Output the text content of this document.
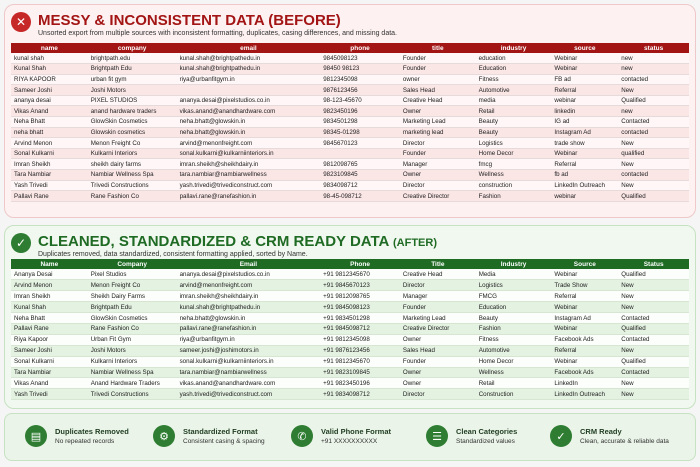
✕ MESSY & INCONSISTENT DATA (BEFORE)
Unsorted export from multiple sources with inconsistent formatting, duplicates, casing differences, and missing data.
name	company	email	phone	title	industry	source	status
kunal shah	brightpath.edu	kunal.shah@brightpathedu.in	9845098123	Founder	education	Webinar	new
Kunal Shah	Brightpath Edu	kunal.shah@brightpathedu.in	98450 98123	Founder	Education	Webinar	new
RIYA KAPOOR	urban fit gym	riya@urbanfitgym.in	9812345098	owner	Fitness	FB ad	contacted
Sameer Joshi	Joshi Motors		9876123456	Sales Head	Automotive	Referral	New
ananya desai	PIXEL STUDIOS	ananya.desai@pixelstudios.co.in	98-123-45670	Creative Head	media	webinar	Qualified
Vikas Anand	anand hardware traders	vikas.anand@anandhardware.com	9823450196	Owner	Retail	linkedin	new
Neha Bhatt	GlowSkin Cosmetics	neha.bhatt@glowskin.in	9834501298	Marketing Lead	Beauty	IG ad	Contacted
neha bhatt	Glowskin cosmetics	neha.bhatt@glowskin.in	98345-01298	marketing lead	Beauty	Instagram Ad	contacted
Arvind Menon	Menon Freight Co	arvind@menonfreight.com	9845670123	Director	Logistics	trade show	New
Sonal Kulkarni	Kulkarni Interiors	sonal.kulkarni@kulkarniinteriors.in		Founder	Home Decor	Webinar	qualified
Imran Sheikh	sheikh dairy farms	imran.sheikh@sheikhdairy.in	9812098765	Manager	fmcg	Referral	New
Tara Nambiar	Nambiar Wellness Spa	tara.nambiar@nambiarwellness	9823109845	Owner	Wellness	fb ad	contacted
Yash Trivedi	Trivedi Constructions	yash.trivedi@trivediconstruct.com	9834098712	Director	construction	LinkedIn Outreach	New
Pallavi Rane	Rane Fashion Co	pallavi.rane@ranefashion.in	98-45-098712	Creative Director	Fashion	webinar	Qualified
✓ CLEANED, STANDARDIZED & CRM READY DATA (AFTER)
Duplicates removed, data standardized, consistent formatting applied, sorted by Name.
Name	Company	Email	Phone	Title	Industry	Source	Status
Ananya Desai	Pixel Studios	ananya.desai@pixelstudios.co.in	+91 9812345670	Creative Head	Media	Webinar	Qualified
Arvind Menon	Menon Freight Co	arvind@menonfreight.com	+91 9845670123	Director	Logistics	Trade Show	New
Imran Sheikh	Sheikh Dairy Farms	imran.sheikh@sheikhdairy.in	+91 9812098765	Manager	FMCG	Referral	New
Kunal Shah	Brightpath Edu	kunal.shah@brightpathedu.in	+91 9845098123	Founder	Education	Webinar	New
Neha Bhatt	GlowSkin Cosmetics	neha.bhatt@glowskin.in	+91 9834501298	Marketing Lead	Beauty	Instagram Ad	Contacted
Pallavi Rane	Rane Fashion Co	pallavi.rane@ranefashion.in	+91 9845098712	Creative Director	Fashion	Webinar	Qualified
Riya Kapoor	Urban Fit Gym	riya@urbanfitgym.in	+91 9812345098	Owner	Fitness	Facebook Ads	Contacted
Sameer Joshi	Joshi Motors	sameer.joshi@joshimotors.in	+91 9876123456	Sales Head	Automotive	Referral	New
Sonal Kulkarni	Kulkarni Interiors	sonal.kulkarni@kulkarniinteriors.in	+91 9812345670	Founder	Home Decor	Webinar	Qualified
Tara Nambiar	Nambiar Wellness Spa	tara.nambiar@nambiarwellness	+91 9823109845	Owner	Wellness	Facebook Ads	Contacted
Vikas Anand	Anand Hardware Traders	vikas.anand@anandhardware.com	+91 9823450196	Owner	Retail	LinkedIn	New
Yash Trivedi	Trivedi Constructions	yash.trivedi@trivediconstruct.com	+91 9834098712	Director	Construction	LinkedIn Outreach	New
▤	Duplicates Removed
No repeated records	⚙	Standardized Format
Consistent casing & spacing	✆	Valid Phone Format
+91 XXXXXXXXXX	☰	Clean Categories
Standardized values	✓	CRM Ready
Clean, accurate & reliable data
